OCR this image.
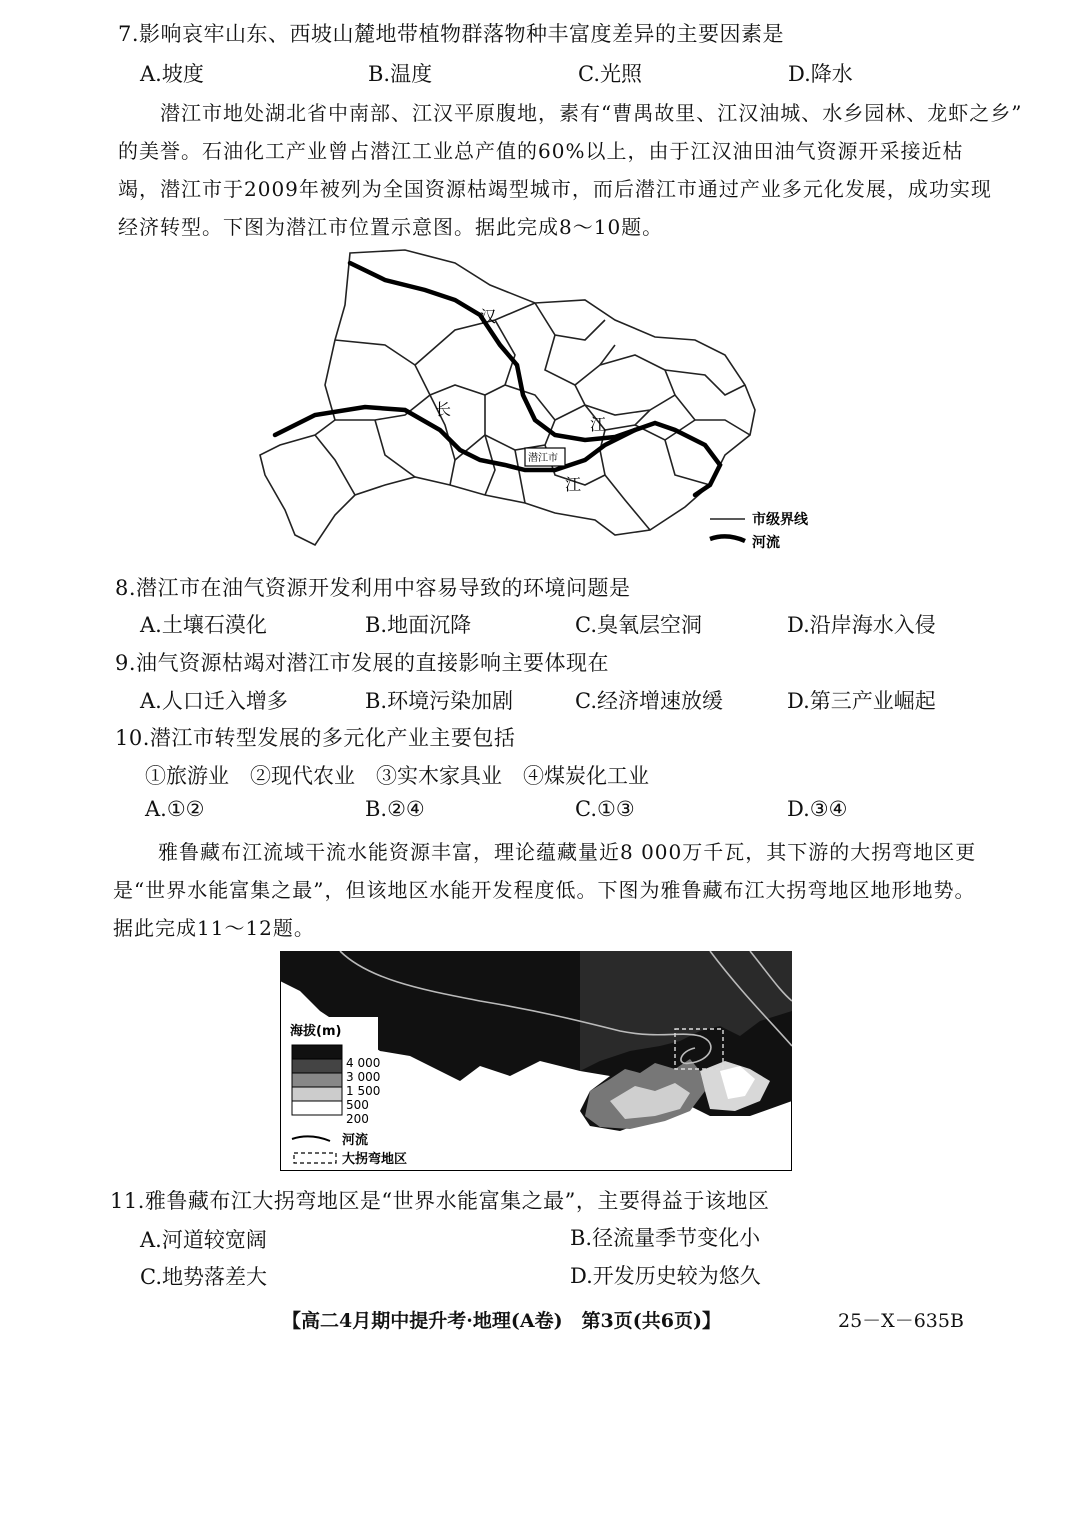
7.影响哀牢山东、西坡山麓地带植物群落物种丰富度差异的主要因素是
A.坡度	B.温度	C.光照	D.降水
潜江市地处湖北省中南部、江汉平原腹地，素有“曹禺故里、江汉油城、水乡园林、龙虾之乡”
的美誉。石油化工产业曾占潜江工业总产值的60%以上，由于江汉油田油气资源开采接近枯
竭，潜江市于2009年被列为全国资源枯竭型城市，而后潜江市通过产业多元化发展，成功实现
经济转型。下图为潜江市位置示意图。据此完成8～10题。
汉
长
江
江
潜江市
市级界线
河流
8.潜江市在油气资源开发利用中容易导致的环境问题是
A.土壤石漠化	B.地面沉降	C.臭氧层空洞	D.沿岸海水入侵
9.油气资源枯竭对潜江市发展的直接影响主要体现在
A.人口迁入增多	B.环境污染加剧	C.经济增速放缓	D.第三产业崛起
10.潜江市转型发展的多元化产业主要包括
①旅游业　②现代农业　③实木家具业　④煤炭化工业
A.①②	B.②④	C.①③	D.③④
雅鲁藏布江流域干流水能资源丰富，理论蕴藏量近8 000万千瓦，其下游的大拐弯地区更
是“世界水能富集之最”，但该地区水能开发程度低。下图为雅鲁藏布江大拐弯地区地形地势。
据此完成11～12题。
海拔(m)
4 000
3 000
1 500
500
200
河流
大拐弯地区
11.雅鲁藏布江大拐弯地区是“世界水能富集之最”，主要得益于该地区
A.河道较宽阔	B.径流量季节变化小
C.地势落差大	D.开发历史较为悠久
【高二4月期中提升考·地理(A卷)　第3页(共6页)】	25－X－635B
